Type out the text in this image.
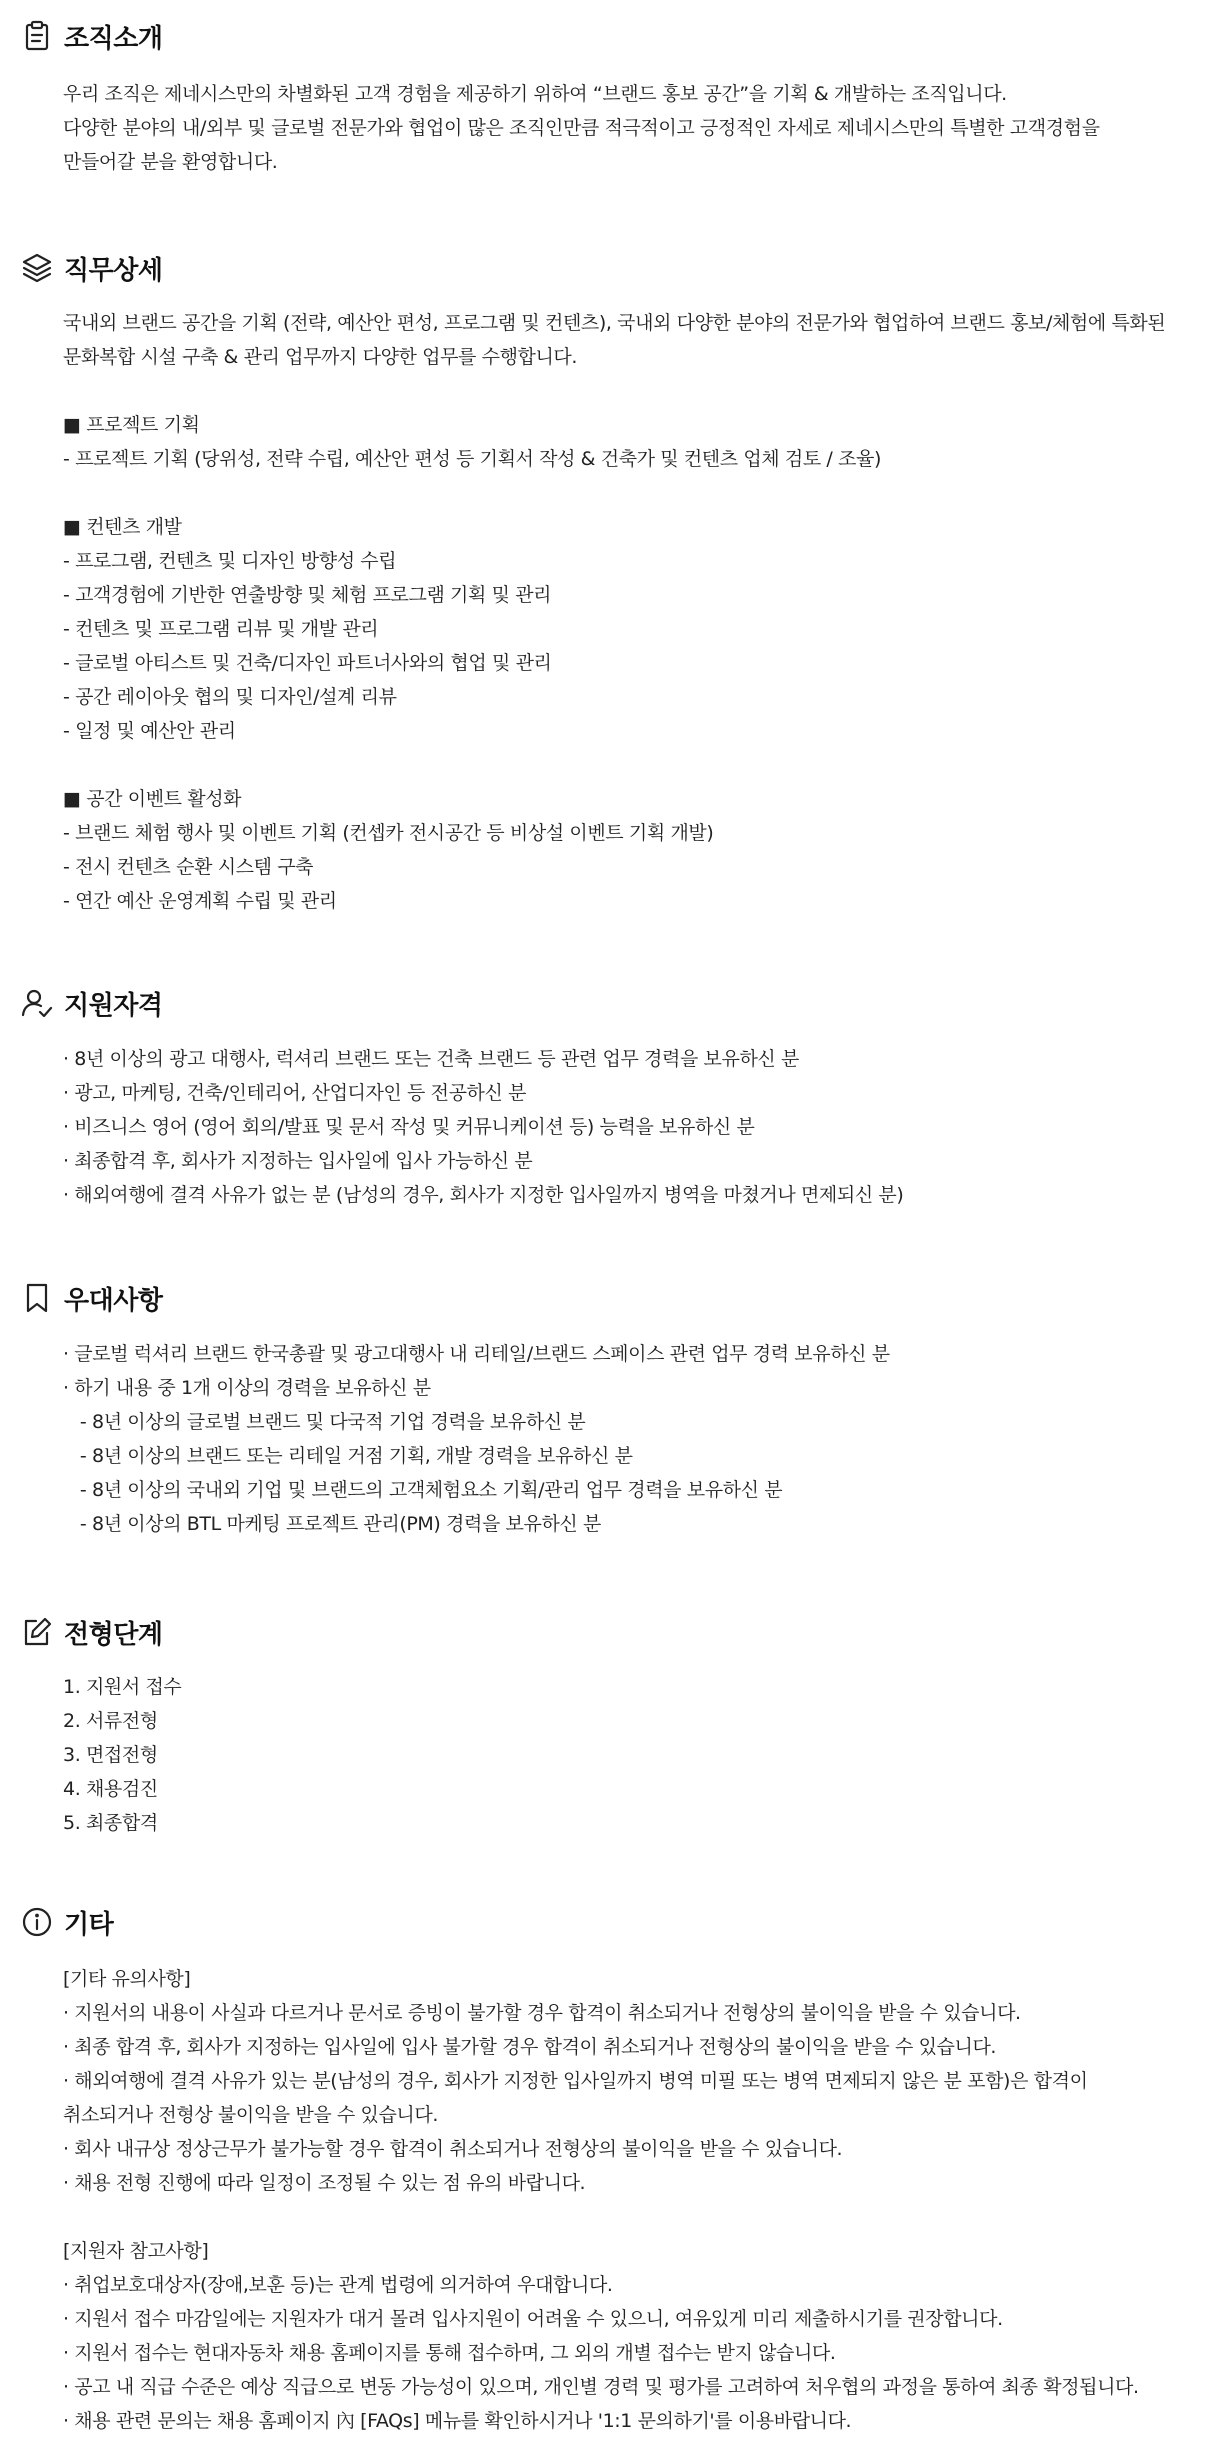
조직소개
우리 조직은 제네시스만의 차별화된 고객 경험을 제공하기 위하여 “브랜드 홍보 공간”을 기획 & 개발하는 조직입니다.
다양한 분야의 내/외부 및 글로벌 전문가와 협업이 많은 조직인만큼 적극적이고 긍정적인 자세로 제네시스만의 특별한 고객경험을
만들어갈 분을 환영합니다.
직무상세
국내외 브랜드 공간을 기획 (전략, 예산안 편성, 프로그램 및 컨텐츠), 국내외 다양한 분야의 전문가와 협업하여 브랜드 홍보/체험에 특화된
문화복합 시설 구축 & 관리 업무까지 다양한 업무를 수행합니다.
■ 프로젝트 기획
- 프로젝트 기획 (당위성, 전략 수립, 예산안 편성 등 기획서 작성 & 건축가 및 컨텐츠 업체 검토 / 조율)
■ 컨텐츠 개발
- 프로그램, 컨텐츠 및 디자인 방향성 수립
- 고객경험에 기반한 연출방향 및 체험 프로그램 기획 및 관리
- 컨텐츠 및 프로그램 리뷰 및 개발 관리
- 글로벌 아티스트 및 건축/디자인 파트너사와의 협업 및 관리
- 공간 레이아웃 협의 및 디자인/설계 리뷰
- 일정 및 예산안 관리
■ 공간 이벤트 활성화
- 브랜드 체험 행사 및 이벤트 기획 (컨셉카 전시공간 등 비상설 이벤트 기획 개발)
- 전시 컨텐츠 순환 시스템 구축
- 연간 예산 운영계획 수립 및 관리
지원자격
· 8년 이상의 광고 대행사, 럭셔리 브랜드 또는 건축 브랜드 등 관련 업무 경력을 보유하신 분
· 광고, 마케팅, 건축/인테리어, 산업디자인 등 전공하신 분
· 비즈니스 영어 (영어 회의/발표 및 문서 작성 및 커뮤니케이션 등) 능력을 보유하신 분
· 최종합격 후, 회사가 지정하는 입사일에 입사 가능하신 분
· 해외여행에 결격 사유가 없는 분 (남성의 경우, 회사가 지정한 입사일까지 병역을 마쳤거나 면제되신 분)
우대사항
· 글로벌 럭셔리 브랜드 한국총괄 및 광고대행사 내 리테일/브랜드 스페이스 관련 업무 경력 보유하신 분
· 하기 내용 중 1개 이상의 경력을 보유하신 분
- 8년 이상의 글로벌 브랜드 및 다국적 기업 경력을 보유하신 분
- 8년 이상의 브랜드 또는 리테일 거점 기획, 개발 경력을 보유하신 분
- 8년 이상의 국내외 기업 및 브랜드의 고객체험요소 기획/관리 업무 경력을 보유하신 분
- 8년 이상의 BTL 마케팅 프로젝트 관리(PM) 경력을 보유하신 분
전형단계
1. 지원서 접수
2. 서류전형
3. 면접전형
4. 채용검진
5. 최종합격
기타
[기타 유의사항]
· 지원서의 내용이 사실과 다르거나 문서로 증빙이 불가할 경우 합격이 취소되거나 전형상의 불이익을 받을 수 있습니다.
· 최종 합격 후, 회사가 지정하는 입사일에 입사 불가할 경우 합격이 취소되거나 전형상의 불이익을 받을 수 있습니다.
· 해외여행에 결격 사유가 있는 분(남성의 경우, 회사가 지정한 입사일까지 병역 미필 또는 병역 면제되지 않은 분 포함)은 합격이
취소되거나 전형상 불이익을 받을 수 있습니다.
· 회사 내규상 정상근무가 불가능할 경우 합격이 취소되거나 전형상의 불이익을 받을 수 있습니다.
· 채용 전형 진행에 따라 일정이 조정될 수 있는 점 유의 바랍니다.
[지원자 참고사항]
· 취업보호대상자(장애,보훈 등)는 관계 법령에 의거하여 우대합니다.
· 지원서 접수 마감일에는 지원자가 대거 몰려 입사지원이 어려울 수 있으니, 여유있게 미리 제출하시기를 권장합니다.
· 지원서 접수는 현대자동차 채용 홈페이지를 통해 접수하며, 그 외의 개별 접수는 받지 않습니다.
· 공고 내 직급 수준은 예상 직급으로 변동 가능성이 있으며, 개인별 경력 및 평가를 고려하여 처우협의 과정을 통하여 최종 확정됩니다.
· 채용 관련 문의는 채용 홈페이지 內 [FAQs] 메뉴를 확인하시거나 '1:1 문의하기'를 이용바랍니다.
